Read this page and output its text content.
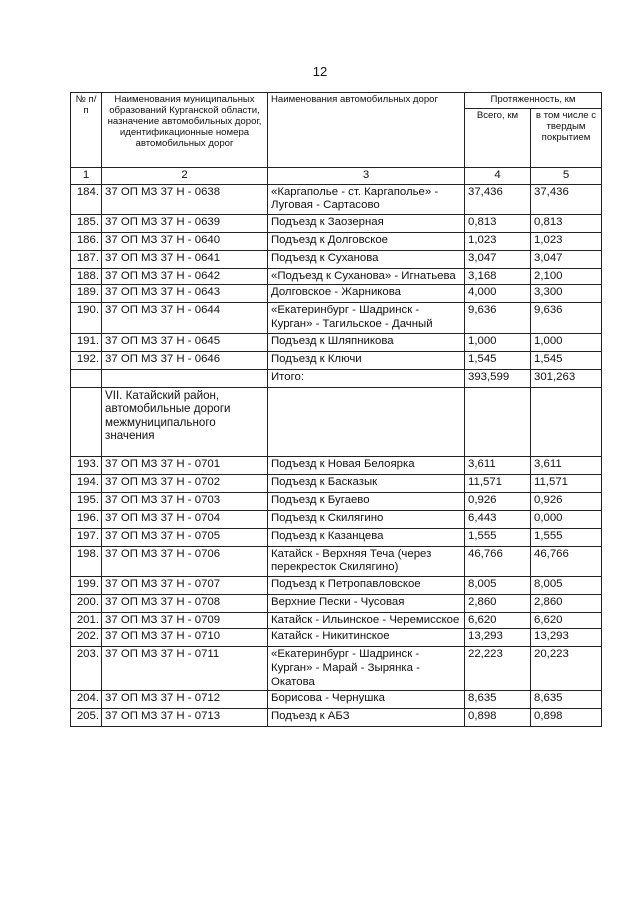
12
№ п/п	Наименования муниципальных образований Курганской области, назначение автомобильных дорог, идентификационные номера автомобильных дорог	Наименования автомобильных дорог	Протяженность, км	
			Всего, км	в том числе с твердым покрытием
1	2	3	4	5
184.	37 ОП МЗ 37 Н - 0638	«Каргаполье - ст. Каргаполье» - Луговая - Сартасово	37,436	37,436
185.	37 ОП МЗ 37 Н - 0639	Подъезд к Заозерная	0,813	0,813
186.	37 ОП МЗ 37 Н - 0640	Подъезд к Долговское	1,023	1,023
187.	37 ОП МЗ 37 Н - 0641	Подъезд к Суханова	3,047	3,047
188.	37 ОП МЗ 37 Н - 0642	«Подъезд к Суханова» - Игнатьева	3,168	2,100
189.	37 ОП МЗ 37 Н - 0643	Долговское - Жарникова	4,000	3,300
190.	37 ОП МЗ 37 Н - 0644	«Екатеринбург - Шадринск - Курган» - Тагильское - Дачный	9,636	9,636
191.	37 ОП МЗ 37 Н - 0645	Подъезд к Шляпникова	1,000	1,000
192.	37 ОП МЗ 37 Н - 0646	Подъезд к Ключи	1,545	1,545
		Итого:	393,599	301,263
	VII. Катайский район, автомобильные дороги межмуниципального значения			
193.	37 ОП МЗ 37 Н - 0701	Подъезд к Новая Белоярка	3,611	3,611
194.	37 ОП МЗ 37 Н - 0702	Подъезд к Басказык	11,571	11,571
195.	37 ОП МЗ 37 Н - 0703	Подъезд к Бугаево	0,926	0,926
196.	37 ОП МЗ 37 Н - 0704	Подъезд к Скилягино	6,443	0,000
197.	37 ОП МЗ 37 Н - 0705	Подъезд к Казанцева	1,555	1,555
198.	37 ОП МЗ 37 Н - 0706	Катайск - Верхняя Теча (через перекресток Скилягино)	46,766	46,766
199.	37 ОП МЗ 37 Н - 0707	Подъезд к Петропавловское	8,005	8,005
200.	37 ОП МЗ 37 Н - 0708	Верхние Пески - Чусовая	2,860	2,860
201.	37 ОП МЗ 37 Н - 0709	Катайск - Ильинское - Черемисское	6,620	6,620
202.	37 ОП МЗ 37 Н - 0710	Катайск - Никитинское	13,293	13,293
203.	37 ОП МЗ 37 Н - 0711	«Екатеринбург - Шадринск - Курган» - Марай - Зырянка - Окатова	22,223	20,223
204.	37 ОП МЗ 37 Н - 0712	Борисова - Чернушка	8,635	8,635
205.	37 ОП МЗ 37 Н - 0713	Подъезд к АБЗ	0,898	0,898
